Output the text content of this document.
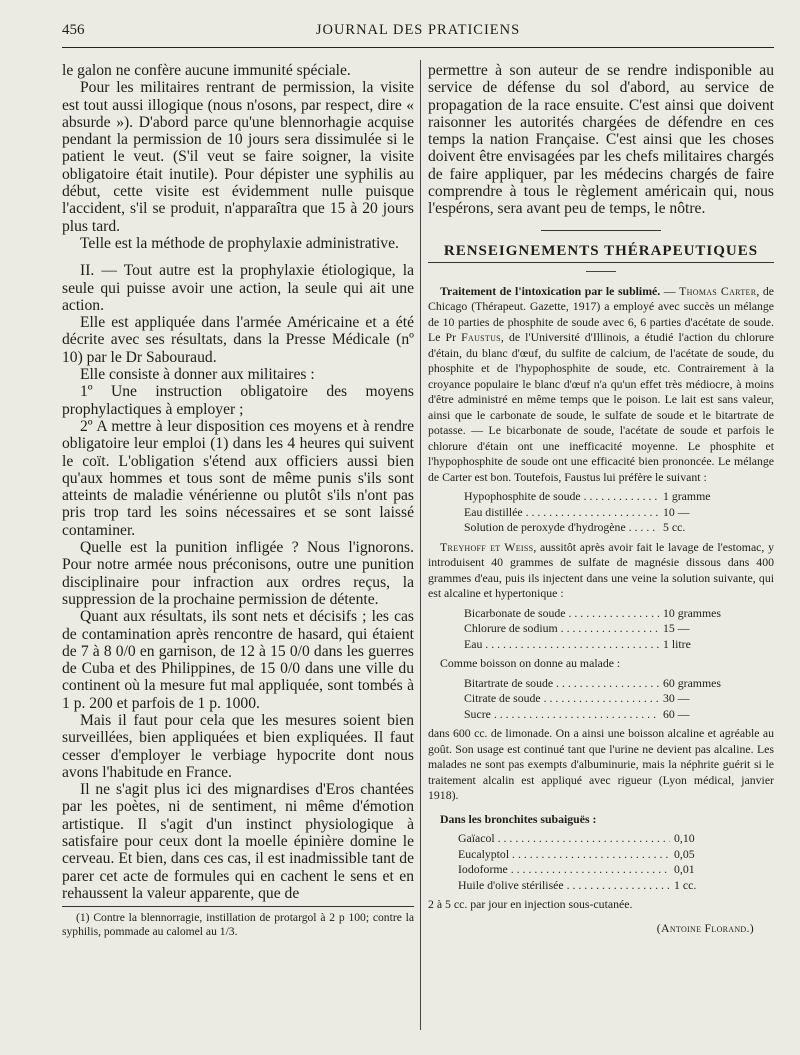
456	JOURNAL DES PRATICIENS

le galon ne confère aucune immunité spéciale.

Pour les militaires rentrant de permission, la visite est tout aussi illogique (nous n'osons, par respect, dire « absurde »). D'abord parce qu'une blennorhagie acquise pendant la permission de 10 jours sera dissimulée si le patient le veut. (S'il veut se faire soigner, la visite obligatoire était inutile). Pour dépister une syphilis au début, cette visite est évidemment nulle puisque l'accident, s'il se produit, n'apparaîtra que 15 à 20 jours plus tard.

Telle est la méthode de prophylaxie administrative.

II. — Tout autre est la prophylaxie étiologique, la seule qui puisse avoir une action, la seule qui ait une action.

Elle est appliquée dans l'armée Américaine et a été décrite avec ses résultats, dans la Presse Médicale (nº 10) par le Dr Sabouraud.

Elle consiste à donner aux militaires :

1º Une instruction obligatoire des moyens prophylactiques à employer ;

2º A mettre à leur disposition ces moyens et à rendre obligatoire leur emploi (1) dans les 4 heures qui suivent le coït. L'obligation s'étend aux officiers aussi bien qu'aux hommes et tous sont de même punis s'ils sont atteints de maladie vénérienne ou plutôt s'ils n'ont pas pris trop tard les soins nécessaires et se sont laissé contaminer.

Quelle est la punition infligée ? Nous l'ignorons. Pour notre armée nous préconisons, outre une punition disciplinaire pour infraction aux ordres reçus, la suppression de la prochaine permission de détente.

Quant aux résultats, ils sont nets et décisifs ; les cas de contamination après rencontre de hasard, qui étaient de 7 à 8 0/0 en garnison, de 12 à 15 0/0 dans les guerres de Cuba et des Philippines, de 15 0/0 dans une ville du continent où la mesure fut mal appliquée, sont tombés à 1 p. 200 et parfois de 1 p. 1000.

Mais il faut pour cela que les mesures soient bien surveillées, bien appliquées et bien expliquées. Il faut cesser d'employer le verbiage hypocrite dont nous avons l'habitude en France.

Il ne s'agit plus ici des mignardises d'Eros chantées par les poètes, ni de sentiment, ni même d'émotion artistique. Il s'agit d'un instinct physiologique à satisfaire pour ceux dont la moelle épinière domine le cerveau. Et bien, dans ces cas, il est inadmissible tant de parer cet acte de formules qui en cachent le sens et en rehaussent la valeur apparente, que de

(1) Contre la blennorragie, instillation de protargol à 2 p 100; contre la syphilis, pommade au calomel au 1/3.

permettre à son auteur de se rendre indisponible au service de défense du sol d'abord, au service de propagation de la race ensuite. C'est ainsi que doivent raisonner les autorités chargées de défendre en ces temps la nation Française. C'est ainsi que les choses doivent être envisagées par les chefs militaires chargés de faire appliquer, par les médecins chargés de faire comprendre à tous le règlement américain qui, nous l'espérons, sera avant peu de temps, le nôtre.

RENSEIGNEMENTS THÉRAPEUTIQUES

Traitement de l'intoxication par le sublimé. — Thomas Carter, de Chicago (Thérapeut. Gazette, 1917) a employé avec succès un mélange de 10 parties de phosphite de soude avec 6, 6 parties d'acétate de soude. Le Pr Faustus, de l'Université d'Illinois, a étudié l'action du chlorure d'étain, du blanc d'œuf, du sulfite de calcium, de l'acétate de soude, du phosphite et de l'hypophosphite de soude, etc. Contrairement à la croyance populaire le blanc d'œuf n'a qu'un effet très médiocre, à moins d'être administré en même temps que le poison. Le lait est sans valeur, ainsi que le carbonate de soude, le sulfate de soude et le bitartrate de potasse. — Le bicarbonate de soude, l'acétate de soude et parfois le chlorure d'étain ont une inefficacité moyenne. Le phosphite et l'hypophosphite de soude ont une efficacité bien prononcée. Le mélange de Carter est bon. Toutefois, Faustus lui préfère le suivant :

Hypophosphite de soude . . .	1 gramme
Eau distillée . . .	10 —
Solution de peroxyde d'hydrogène . . .	5 cc.

Treyhoff et Weiss, aussitôt après avoir fait le lavage de l'estomac, y introduisent 40 grammes de sulfate de magnésie dissous dans 400 grammes d'eau, puis ils injectent dans une veine la solution suivante, qui est alcaline et hypertonique :

Bicarbonate de soude . . .	10 grammes
Chlorure de sodium . . .	15 —
Eau . . .	1 litre

Comme boisson on donne au malade :

Bitartrate de soude . . .	60 grammes
Citrate de soude . . .	30 —
Sucre . . .	60 —

dans 600 cc. de limonade. On a ainsi une boisson alcaline et agréable au goût. Son usage est continué tant que l'urine ne devient pas alcaline. Les malades ne sont pas exempts d'albuminurie, mais la néphrite guérit si le traitement alcalin est appliqué avec rigueur (Lyon médical, janvier 1918).

Dans les bronchites subaiguës :

Gaïacol . . .	0,10
Eucalyptol . . .	0,05
Iodoforme . . .	0,01
Huile d'olive stérilisée . . .	1 cc.

2 à 5 cc. par jour en injection sous-cutanée.

(Antoine Florand.)
